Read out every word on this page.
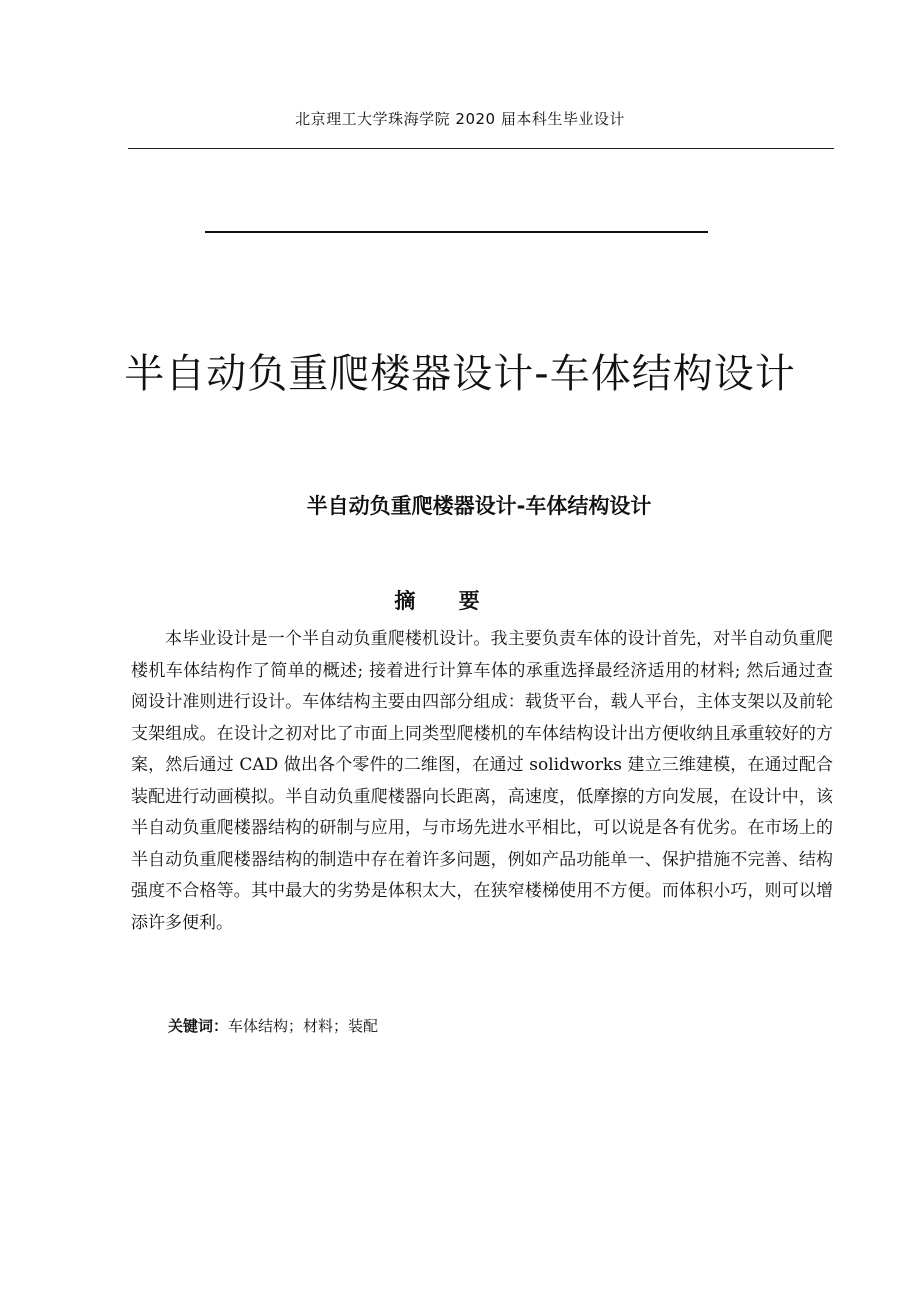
北京理工大学珠海学院 2020 届本科生毕业设计
半自动负重爬楼器设计-车体结构设计
半自动负重爬楼器设计-车体结构设计
摘 要

本毕业设计是一个半自动负重爬楼机设计。我主要负责车体的设计首先，对半自动负重爬楼机车体结构作了简单的概述; 接着进行计算车体的承重选择最经济适用的材料; 然后通过查阅设计准则进行设计。车体结构主要由四部分组成：载货平台，载人平台，主体支架以及前轮支架组成。在设计之初对比了市面上同类型爬楼机的车体结构设计出方便收纳且承重较好的方案，然后通过 CAD 做出各个零件的二维图，在通过 solidworks 建立三维建模，在通过配合装配进行动画模拟。半自动负重爬楼器向长距离，高速度，低摩擦的方向发展，在设计中，该半自动负重爬楼器结构的研制与应用，与市场先进水平相比，可以说是各有优劣。在市场上的半自动负重爬楼器结构的制造中存在着许多问题，例如产品功能单一、保护措施不完善、结构强度不合格等。其中最大的劣势是体积太大，在狭窄楼梯使用不方便。而体积小巧，则可以增添许多便利。

关键词：车体结构；材料；装配
